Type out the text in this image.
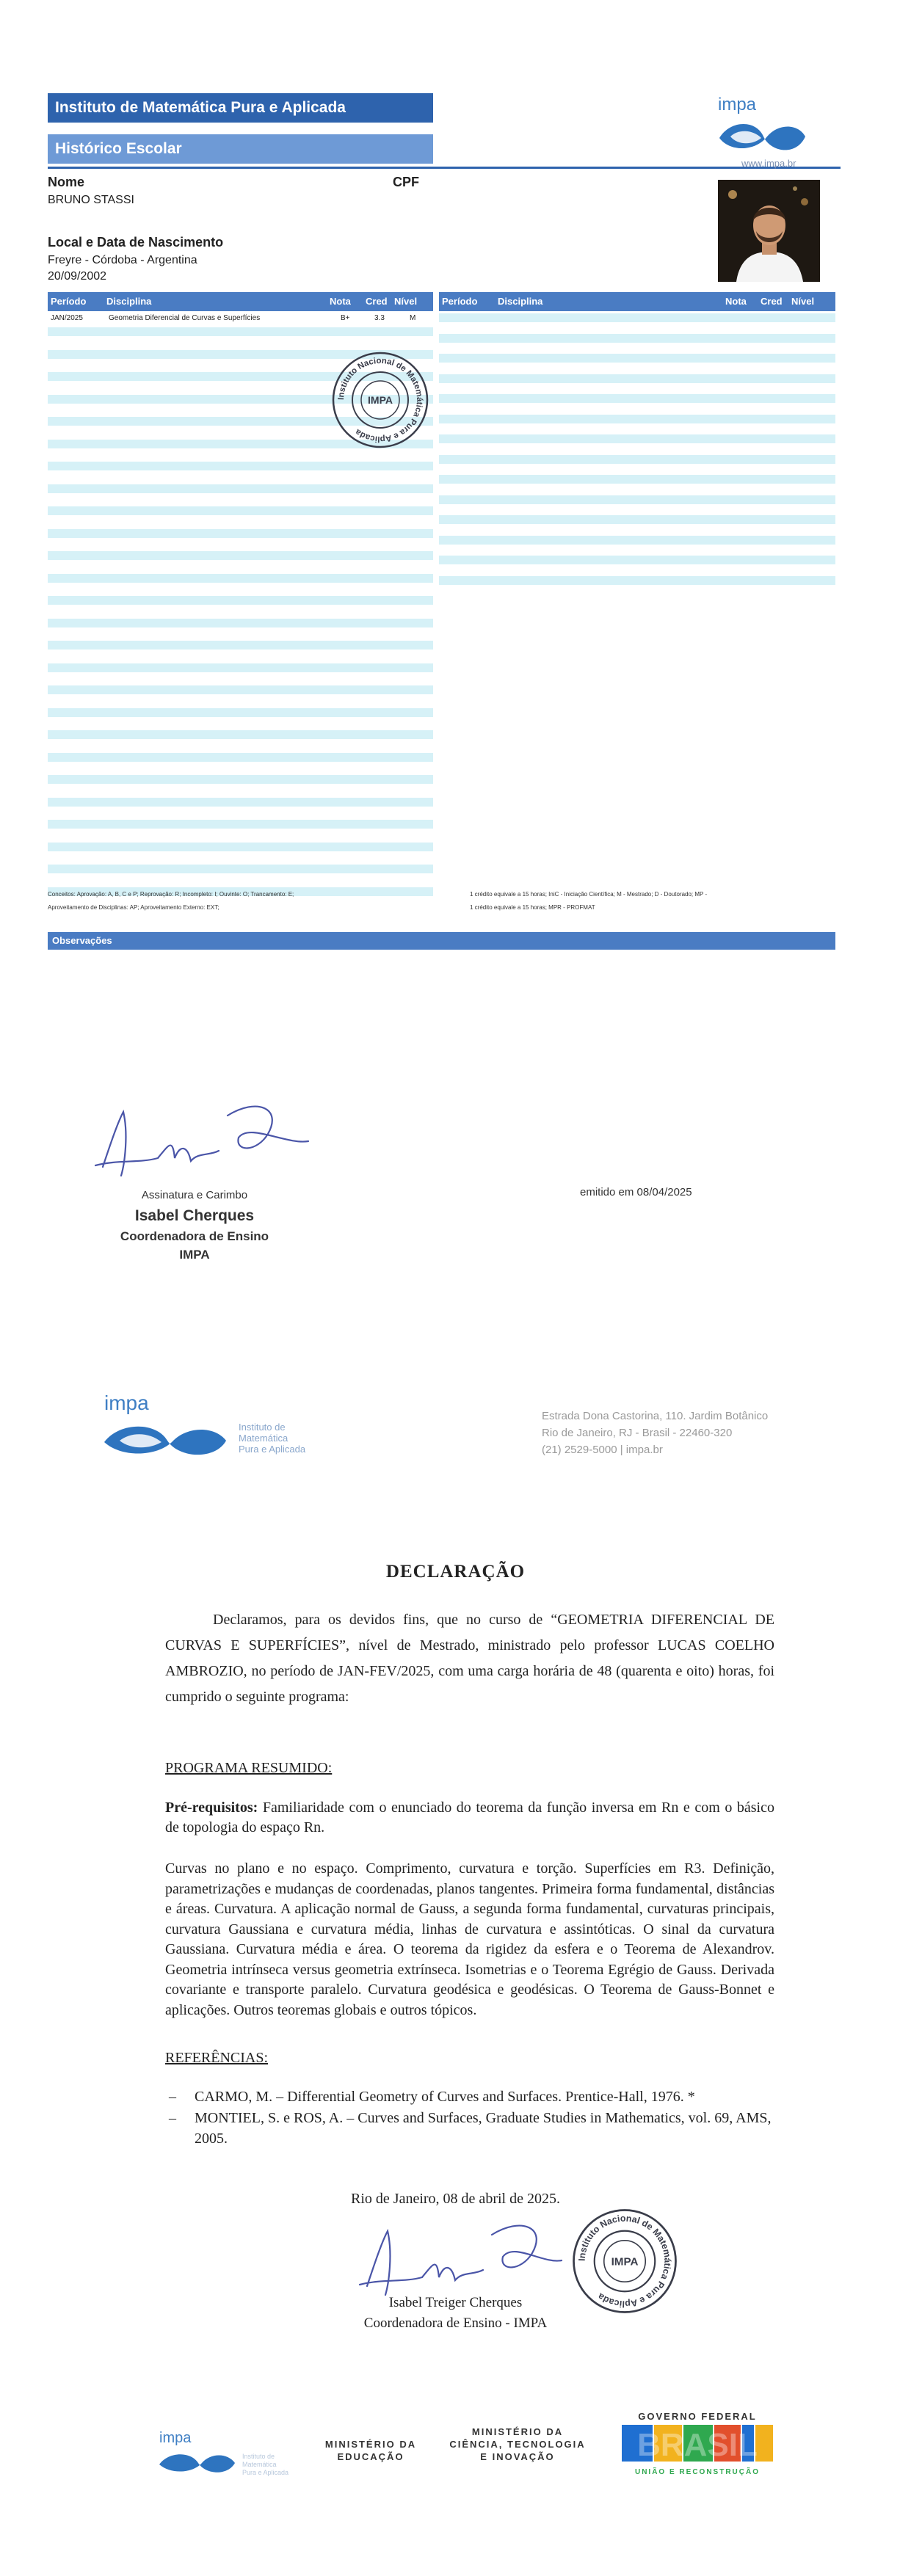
Instituto de Matemática Pura e Aplicada
Histórico Escolar
impa
www.impa.br
Nome
BRUNO STASSI
CPF
Local e Data de Nascimento
Freyre - Córdoba - Argentina
20/09/2002
Período Disciplina	Nota Cred Nível	Período Disciplina	Nota Cred Nível
JAN/2025	Geometria Diferencial de Curvas e Superfícies	B+	3.3	M
Instituto Nacional de Matemática Pura e Aplicada
IMPA
Conceitos: Aprovação: A, B, C e P; Reprovação: R; Incompleto: I; Ouvinte: O; Trancamento: E;
Aproveitamento de Disciplinas: AP; Aproveitamento Externo: EXT;
1 crédito equivale a 15 horas; IniC - Iniciação Científica; M - Mestrado; D - Doutorado; MP -
1 crédito equivale a 15 horas; MPR - PROFMAT
Observações
Assinatura e Carimbo
Isabel Cherques
Coordenadora de Ensino
IMPA
emitido em 08/04/2025
impa
Instituto de
Matemática
Pura e Aplicada
Estrada Dona Castorina, 110. Jardim Botânico
Rio de Janeiro, RJ - Brasil - 22460-320
(21) 2529-5000 | impa.br
DECLARAÇÃO
Declaramos, para os devidos fins, que no curso de “GEOMETRIA DIFERENCIAL DE CURVAS E SUPERFÍCIES”, nível de Mestrado, ministrado pelo professor LUCAS COELHO AMBROZIO, no período de JAN-FEV/2025, com uma carga horária de 48 (quarenta e oito) horas, foi cumprido o seguinte programa:
PROGRAMA RESUMIDO:
Pré-requisitos: Familiaridade com o enunciado do teorema da função inversa em Rn e com o básico de topologia do espaço Rn.
Curvas no plano e no espaço. Comprimento, curvatura e torção. Superfícies em R3. Definição, parametrizações e mudanças de coordenadas, planos tangentes. Primeira forma fundamental, distâncias e áreas. Curvatura. A aplicação normal de Gauss, a segunda forma fundamental, curvaturas principais, curvatura Gaussiana e curvatura média, linhas de curvatura e assintóticas. O sinal da curvatura Gaussiana. Curvatura média e área. O teorema da rigidez da esfera e o Teorema de Alexandrov. Geometria intrínseca versus geometria extrínseca. Isometrias e o Teorema Egrégio de Gauss. Derivada covariante e transporte paralelo. Curvatura geodésica e geodésicas. O Teorema de Gauss-Bonnet e aplicações. Outros teoremas globais e outros tópicos.
REFERÊNCIAS:
– CARMO, M. – Differential Geometry of Curves and Surfaces. Prentice-Hall, 1976. *
– MONTIEL, S. e ROS, A. – Curves and Surfaces, Graduate Studies in Mathematics, vol. 69, AMS, 2005.
Rio de Janeiro, 08 de abril de 2025.
Instituto Nacional de Matemática Pura e Aplicada
IMPA
Isabel Treiger Cherques
Coordenadora de Ensino - IMPA
impa
Instituto de
Matemática
Pura e Aplicada
MINISTÉRIO DA
EDUCAÇÃO
MINISTÉRIO DA
CIÊNCIA, TECNOLOGIA
E INOVAÇÃO
GOVERNO FEDERAL
BRASIL
UNIÃO E RECONSTRUÇÃO
